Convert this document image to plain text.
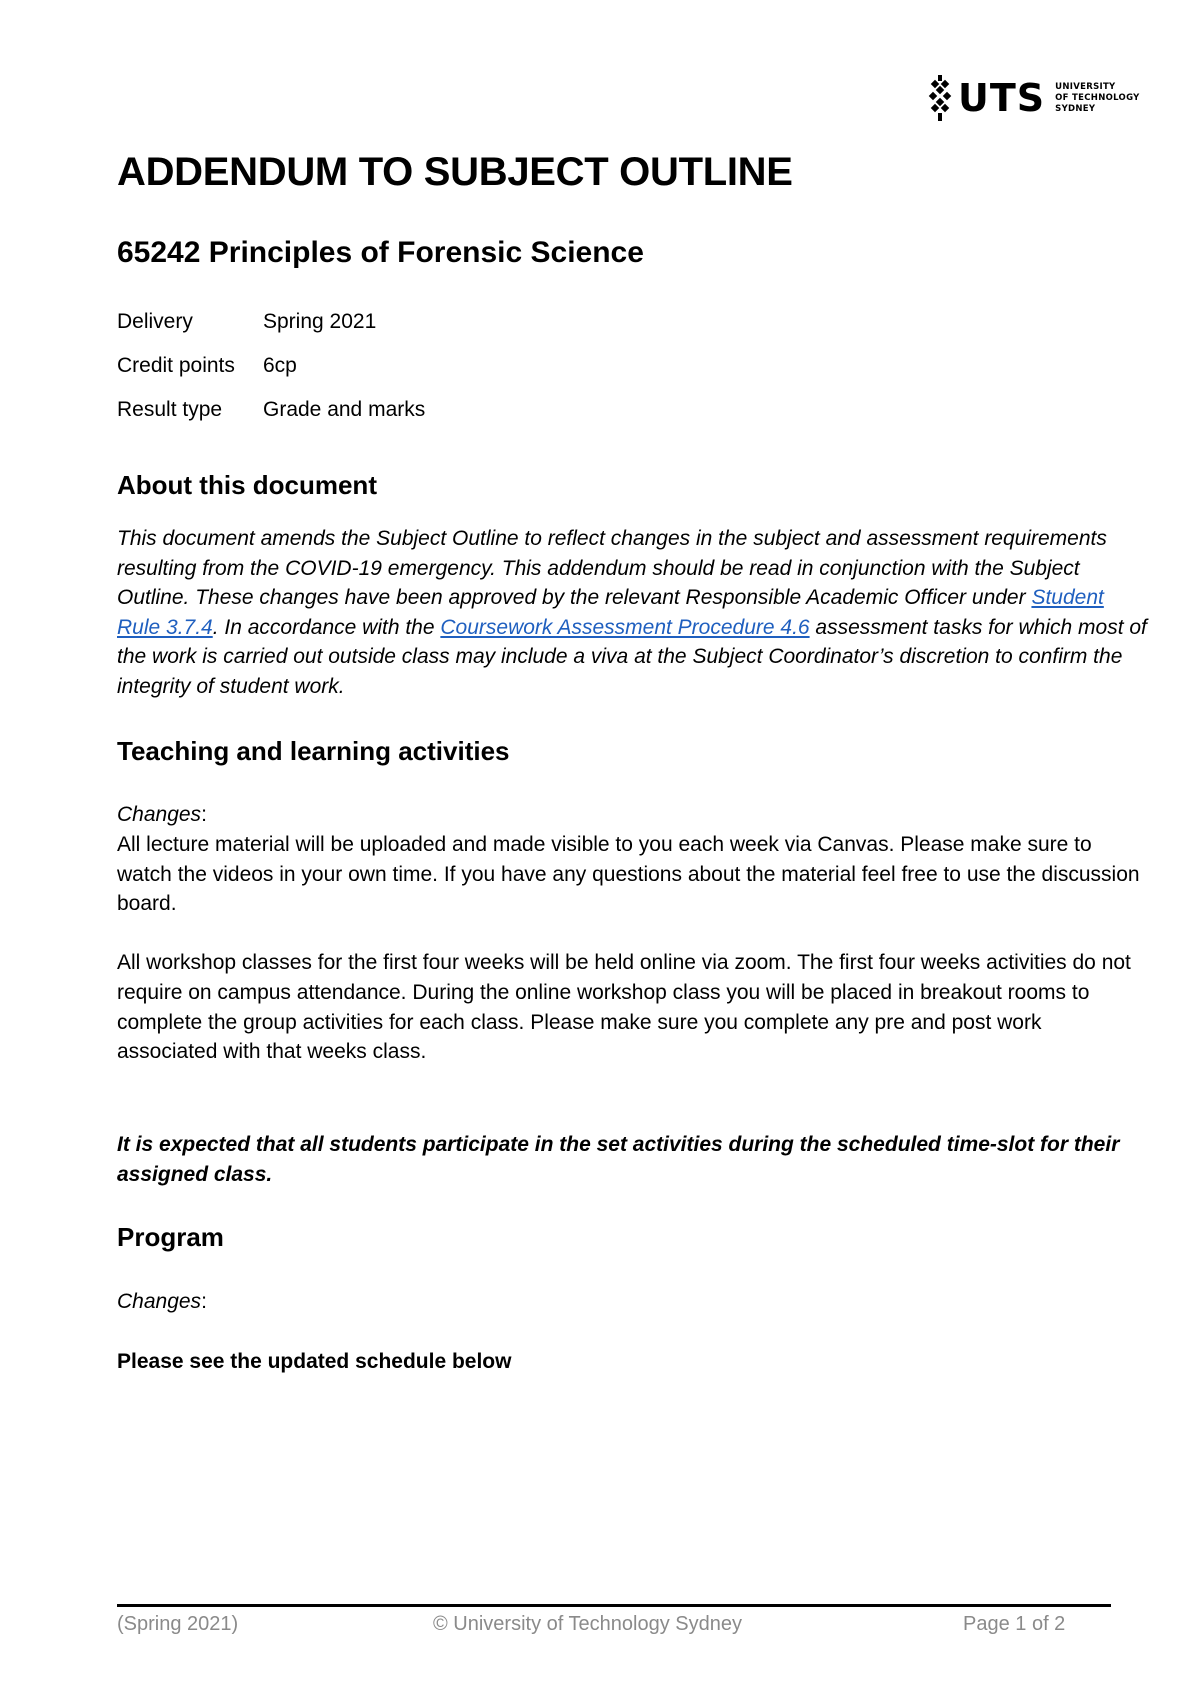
UTS UNIVERSITY
OF TECHNOLOGY
SYDNEY
ADDENDUM TO SUBJECT OUTLINE
65242 Principles of Forensic Science
Delivery	Spring 2021
Credit points	6cp
Result type	Grade and marks
About this document
This document amends the Subject Outline to reflect changes in the subject and assessment requirements resulting from the COVID-19 emergency. This addendum should be read in conjunction with the Subject Outline. These changes have been approved by the relevant Responsible Academic Officer under Student Rule 3.7.4. In accordance with the Coursework Assessment Procedure 4.6 assessment tasks for which most of the work is carried out outside class may include a viva at the Subject Coordinator’s discretion to confirm the integrity of student work.
Teaching and learning activities
Changes:

All lecture material will be uploaded and made visible to you each week via Canvas. Please make sure to watch the videos in your own time. If you have any questions about the material feel free to use the discussion board.

All workshop classes for the first four weeks will be held online via zoom. The first four weeks activities do not require on campus attendance. During the online workshop class you will be placed in breakout rooms to complete the group activities for each class. Please make sure you complete any pre and post work associated with that weeks class.

It is expected that all students participate in the set activities during the scheduled time-slot for their assigned class.
Program
Changes:
Please see the updated schedule below
(Spring 2021)	© University of Technology Sydney	Page 1 of 2
